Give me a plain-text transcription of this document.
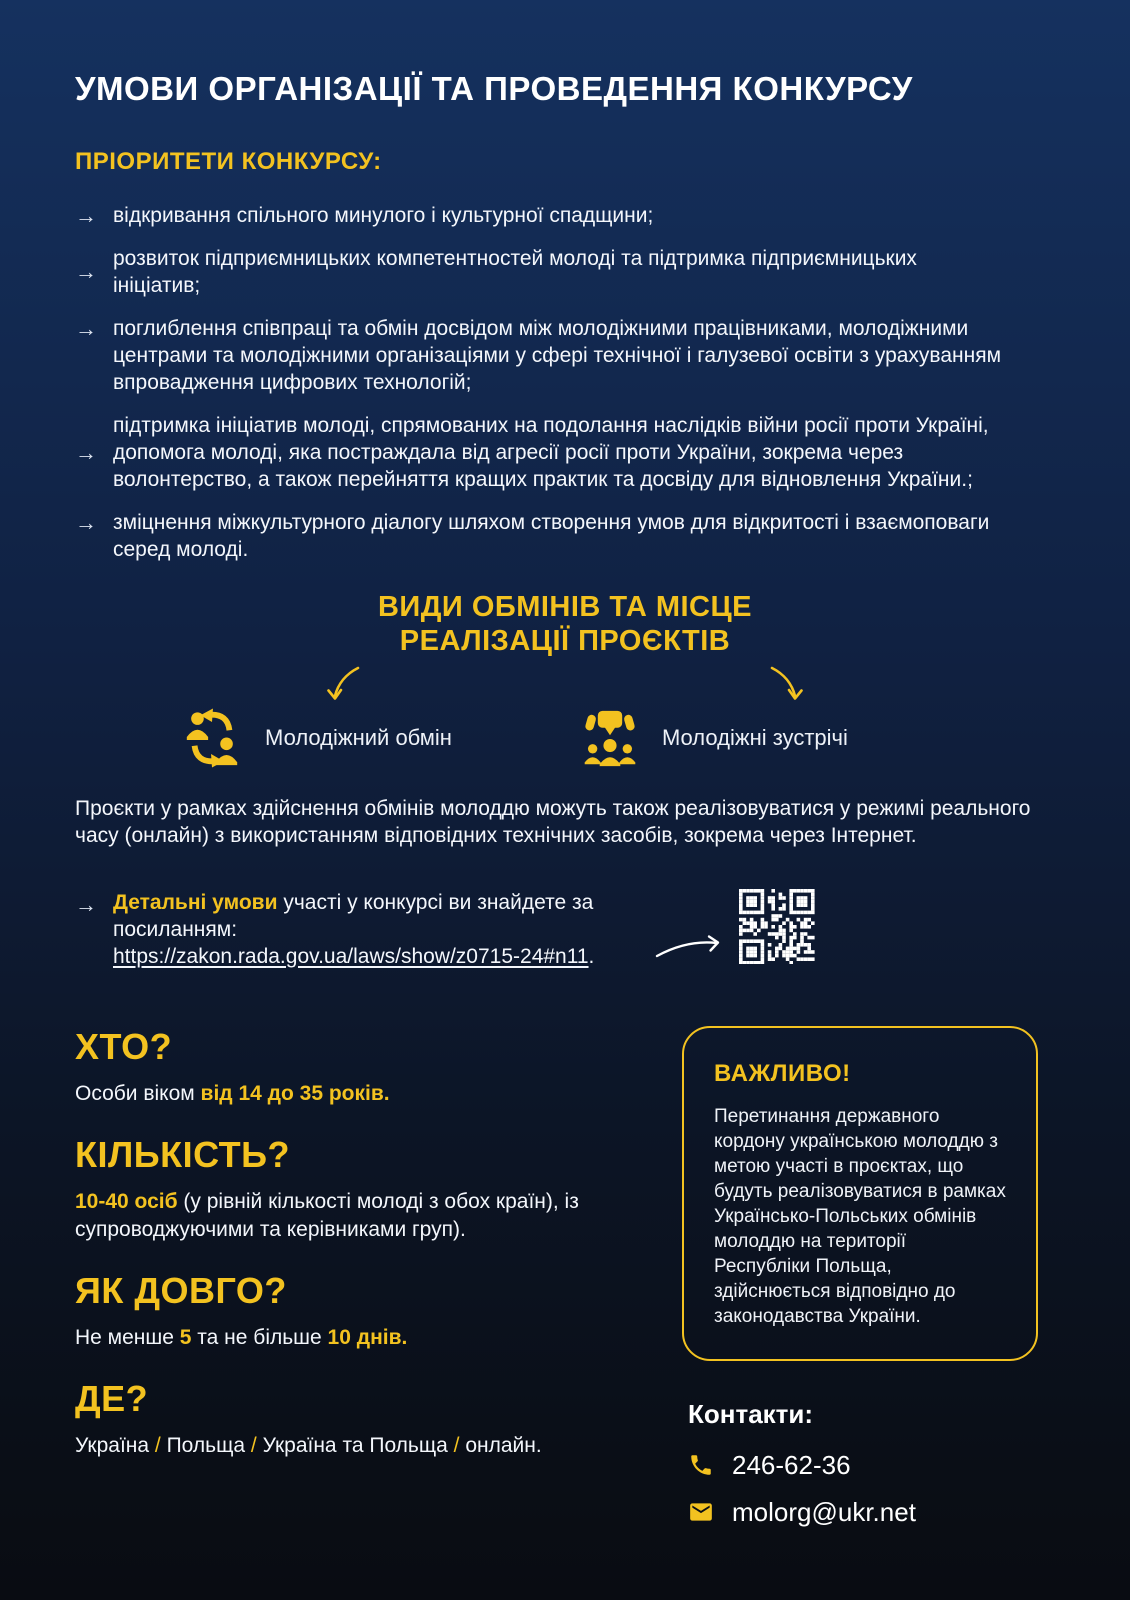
УМОВИ ОРГАНІЗАЦІЇ ТА ПРОВЕДЕННЯ КОНКУРСУ
ПРІОРИТЕТИ КОНКУРСУ:
→ відкривання спільного минулого і культурної спадщини;
→
розвиток підприємницьких компетентностей молоді та підтримка підприємницьких ініціатив;
→ поглиблення співпраці та обмін досвідом між молодіжними працівниками, молодіжними центрами та молодіжними організаціями у сфері технічної і галузевої освіти з урахуванням впровадження цифрових технологій;
→
підтримка ініціатив молоді, спрямованих на подолання наслідків війни росії проти Україні, допомога молоді, яка постраждала від агресії росії проти України, зокрема через волонтерство, а також перейняття кращих практик та досвіду для відновлення України.;
→ зміцнення міжкультурного діалогу шляхом створення умов для відкритості і взаємоповаги серед молоді.
ВИДИ ОБМІНІВ ТА МІСЦЕ
РЕАЛІЗАЦІЇ ПРОЄКТІВ
Молодіжний обмін	Молодіжні зустрічі

Проєкти у рамках здійснення обмінів молоддю можуть також реалізовуватися у режимі реального часу (онлайн) з використанням відповідних технічних засобів, зокрема через Інтернет.

→ Детальні умови участі у конкурсі ви знайдете за посиланням: https://zakon.rada.gov.ua/laws/show/z0715-24#n11.
ХТО?

Особи віком від 14 до 35 років.

КІЛЬКІСТЬ?

10-40 осіб (у рівній кількості молоді з обох країн), із супроводжуючими та керівниками груп).

ЯК ДОВГО?

Не менше 5 та не більше 10 днів.

ДЕ?

Україна / Польща / Україна та Польща / онлайн.

ВАЖЛИВО!

Перетинання державного кордону українською молоддю з метою участі в проєктах, що будуть реалізовуватися в рамках Українсько-Польських обмінів молоддю на території Республіки Польща, здійснюється відповідно до законодавства України.

Контакти:
246-62-36
molorg@ukr.net
